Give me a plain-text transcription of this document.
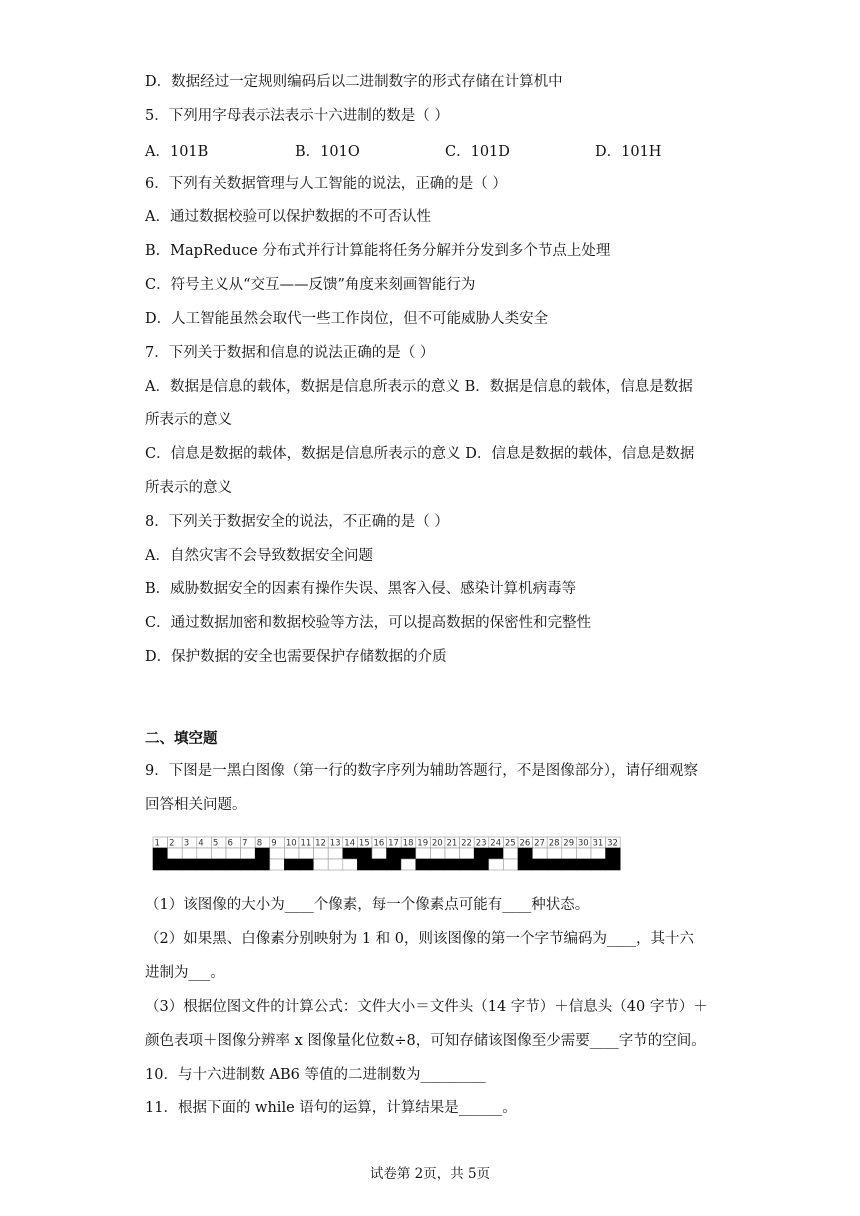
D．数据经过一定规则编码后以二进制数字的形式存储在计算机中
5．下列用字母表示法表示十六进制的数是（ ）
A．101B	B．101O	C．101D	D．101H
6．下列有关数据管理与人工智能的说法，正确的是（ ）
A．通过数据校验可以保护数据的不可否认性
B．MapReduce 分布式并行计算能将任务分解并分发到多个节点上处理
C．符号主义从“交互——反馈”角度来刻画智能行为
D．人工智能虽然会取代一些工作岗位，但不可能威胁人类安全
7．下列关于数据和信息的说法正确的是（ ）
A．数据是信息的载体，数据是信息所表示的意义 B．数据是信息的载体，信息是数据
所表示的意义
C．信息是数据的载体，数据是信息所表示的意义 D．信息是数据的载体，信息是数据
所表示的意义
8．下列关于数据安全的说法，不正确的是（ ）
A．自然灾害不会导致数据安全问题
B．威胁数据安全的因素有操作失误、黑客入侵、感染计算机病毒等
C．通过数据加密和数据校验等方法，可以提高数据的保密性和完整性
D．保护数据的安全也需要保护存储数据的介质
二、填空题
9．下图是一黑白图像（第一行的数字序列为辅助答题行，不是图像部分），请仔细观察
回答相关问题。
1 2 3 4 5 6 7 8 9 10 11 12 13 14 15 16 17 18 19 20 21 22 23 24 25 26 27 28 29 30 31 32
（1）该图像的大小为____个像素，每一个像素点可能有____种状态。
（2）如果黑、白像素分别映射为 1 和 0，则该图像的第一个字节编码为____，其十六
进制为___。
（3）根据位图文件的计算公式：文件大小＝文件头（14 字节）＋信息头（40 字节）＋
颜色表项＋图像分辨率 x 图像量化位数÷8，可知存储该图像至少需要____字节的空间。
10．与十六进制数 AB6 等值的二进制数为_________
11．根据下面的 while 语句的运算，计算结果是______。
试卷第 2页，共 5页
